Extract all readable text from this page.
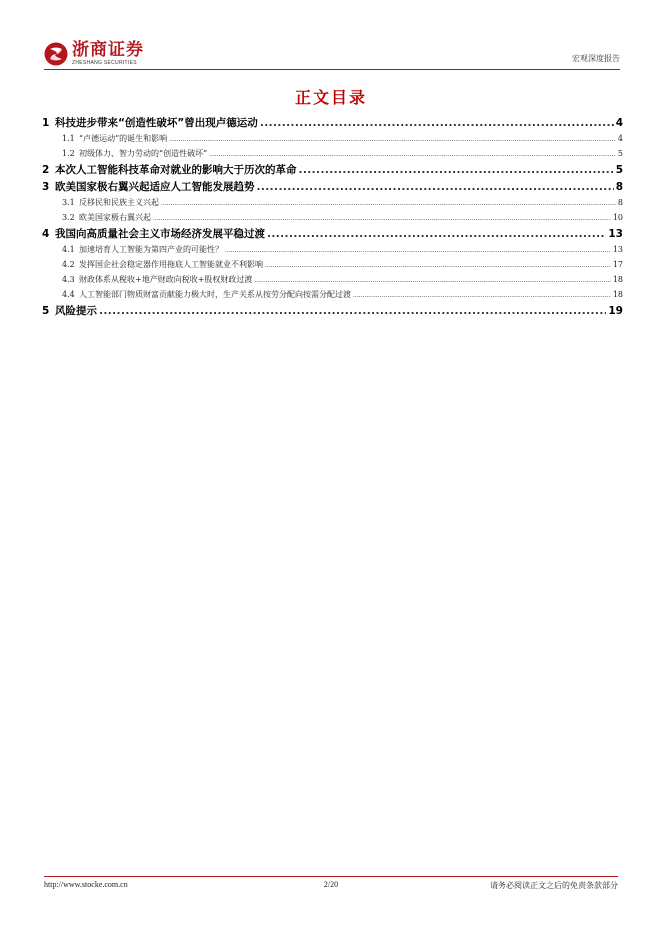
浙商证券
ZHESHANG SECURITIES	宏观深度报告
正文目录
1 科技进步带来“创造性破坏”曾出现卢德运动 .....	4
1.1 “卢德运动”的诞生和影响 .....	4
1.2 初级体力、智力劳动的“创造性破坏” .....	5
2 本次人工智能科技革命对就业的影响大于历次的革命 .....	5
3 欧美国家极右翼兴起适应人工智能发展趋势 .....	8
3.1 反移民和民族主义兴起 .....	8
3.2 欧美国家极右翼兴起 .....	10
4 我国向高质量社会主义市场经济发展平稳过渡 .....	13
4.1 加速培育人工智能为第四产业的可能性？ .....	13
4.2 发挥国企社会稳定器作用拖底人工智能就业不利影响 .....	17
4.3 财政体系从税收+地产财政向税收+股权财政过渡 .....	18
4.4 人工智能部门物质财富贡献能力极大时，生产关系从按劳分配向按需分配过渡 .....	18
5 风险提示 .....	19
http://www.stocke.com.cn	2/20	请务必阅读正文之后的免责条款部分
